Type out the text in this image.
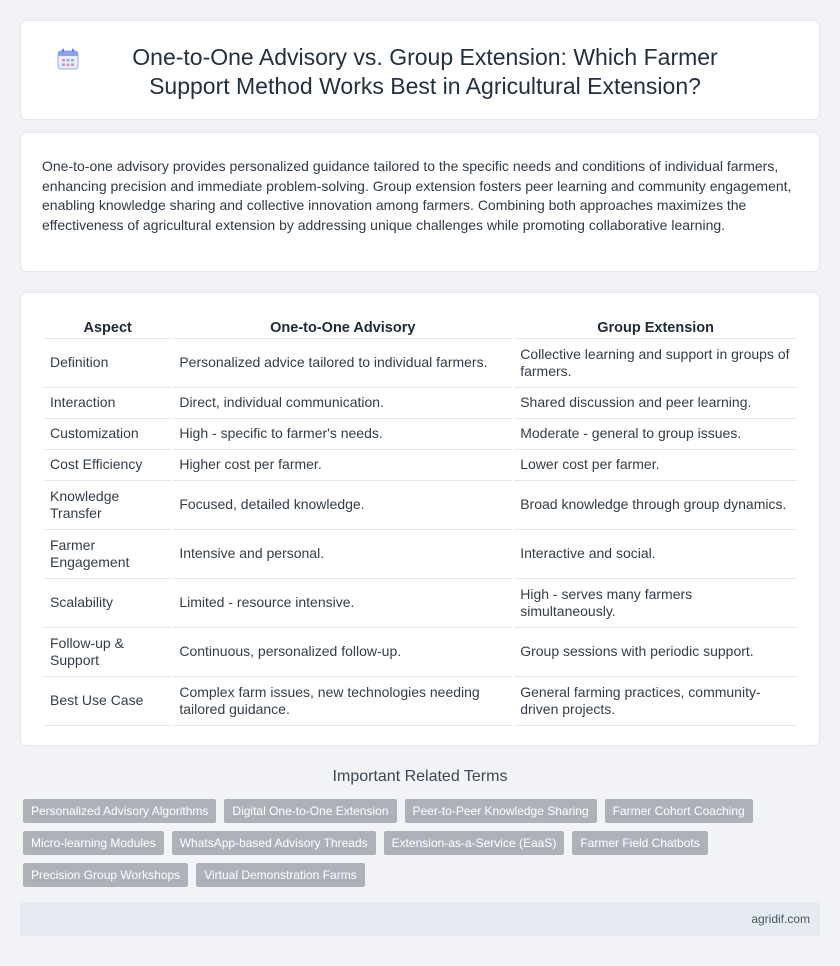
One-to-One Advisory vs. Group Extension: Which Farmer Support Method Works Best in Agricultural Extension?

One-to-one advisory provides personalized guidance tailored to the specific needs and conditions of individual farmers, enhancing precision and immediate problem-solving. Group extension fosters peer learning and community engagement, enabling knowledge sharing and collective innovation among farmers. Combining both approaches maximizes the effectiveness of agricultural extension by addressing unique challenges while promoting collaborative learning.

Aspect	One-to-One Advisory	Group Extension
Definition	Personalized advice tailored to individual farmers.	Collective learning and support in groups of farmers.
Interaction	Direct, individual communication.	Shared discussion and peer learning.
Customization	High - specific to farmer's needs.	Moderate - general to group issues.
Cost Efficiency	Higher cost per farmer.	Lower cost per farmer.
Knowledge Transfer	Focused, detailed knowledge.	Broad knowledge through group dynamics.
Farmer Engagement	Intensive and personal.	Interactive and social.
Scalability	Limited - resource intensive.	High - serves many farmers simultaneously.
Follow-up & Support	Continuous, personalized follow-up.	Group sessions with periodic support.
Best Use Case	Complex farm issues, new technologies needing tailored guidance.	General farming practices, community-driven projects.
Important Related Terms
Personalized Advisory Algorithms	Digital One-to-One Extension	Peer-to-Peer Knowledge Sharing	Farmer Cohort Coaching
Micro-learning Modules	WhatsApp-based Advisory Threads	Extension-as-a-Service (EaaS)	Farmer Field Chatbots
Precision Group Workshops	Virtual Demonstration Farms
agridif.com
